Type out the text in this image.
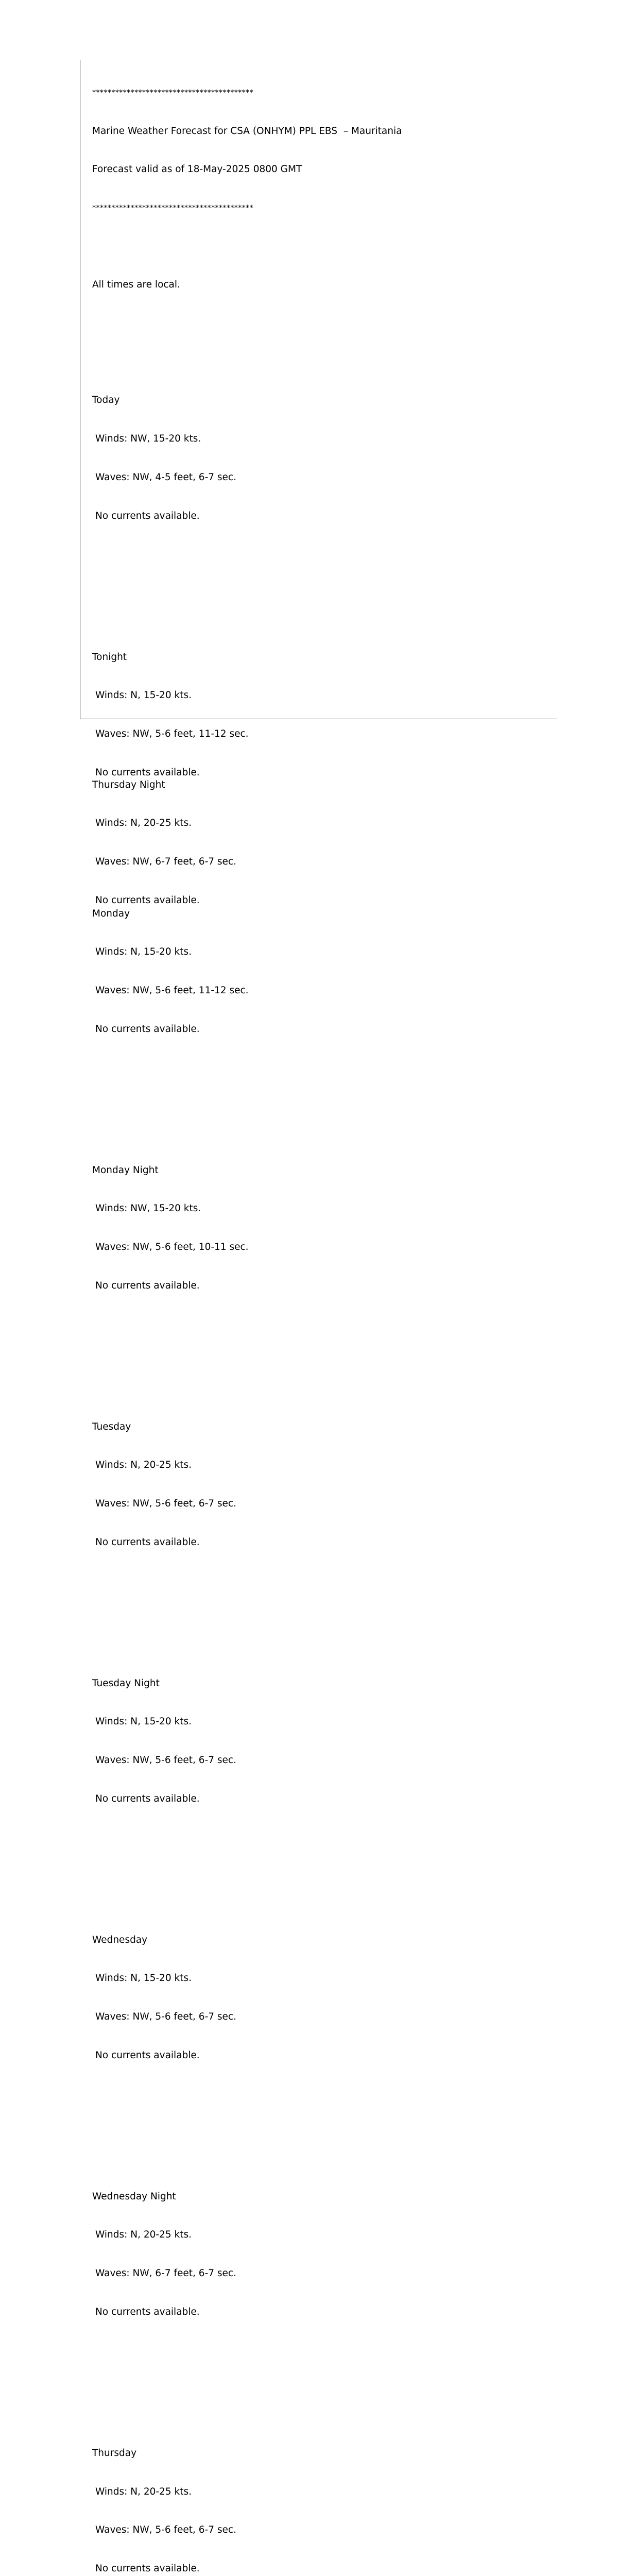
******************************************

Marine Weather Forecast for CSA (ONHYM) PPL EBS  – Mauritania

Forecast valid as of 18-May-2025 0800 GMT

******************************************

All times are local.

Today

Winds: NW, 15-20 kts.

Waves: NW, 4-5 feet, 6-7 sec.

No currents available.

Tonight

Winds: N, 15-20 kts.

Waves: NW, 5-6 feet, 11-12 sec.

No currents available.

Monday

Winds: N, 15-20 kts.

Waves: NW, 5-6 feet, 11-12 sec.

No currents available.

Monday Night

Winds: NW, 15-20 kts.

Waves: NW, 5-6 feet, 10-11 sec.

No currents available.

Tuesday

Winds: N, 20-25 kts.

Waves: NW, 5-6 feet, 6-7 sec.

No currents available.

Tuesday Night

Winds: N, 15-20 kts.

Waves: NW, 5-6 feet, 6-7 sec.

No currents available.

Wednesday

Winds: N, 15-20 kts.

Waves: NW, 5-6 feet, 6-7 sec.

No currents available.

Wednesday Night

Winds: N, 20-25 kts.

Waves: NW, 6-7 feet, 6-7 sec.

No currents available.

Thursday

Winds: N, 20-25 kts.

Waves: NW, 5-6 feet, 6-7 sec.

No currents available.

Thursday Night

Winds: N, 20-25 kts.

Waves: NW, 6-7 feet, 6-7 sec.

No currents available.
